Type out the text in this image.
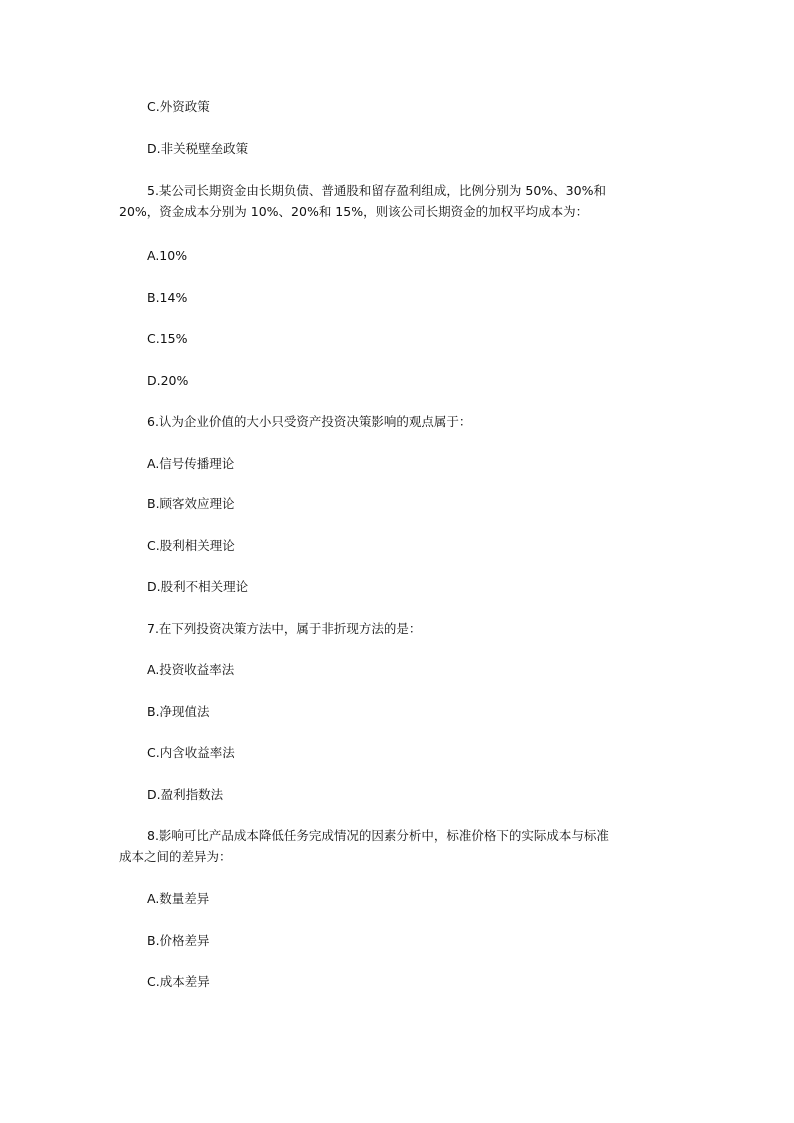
C.外资政策
D.非关税壁垒政策
5.某公司长期资金由长期负债、普通股和留存盈利组成，比例分别为 50%、30%和
20%，资金成本分别为 10%、20%和 15%，则该公司长期资金的加权平均成本为：
A.10%
B.14%
C.15%
D.20%
6.认为企业价值的大小只受资产投资决策影响的观点属于：
A.信号传播理论
B.顾客效应理论
C.股利相关理论
D.股利不相关理论
7.在下列投资决策方法中，属于非折现方法的是：
A.投资收益率法
B.净现值法
C.内含收益率法
D.盈利指数法
8.影响可比产品成本降低任务完成情况的因素分析中，标准价格下的实际成本与标准
成本之间的差异为：
A.数量差异
B.价格差异
C.成本差异
